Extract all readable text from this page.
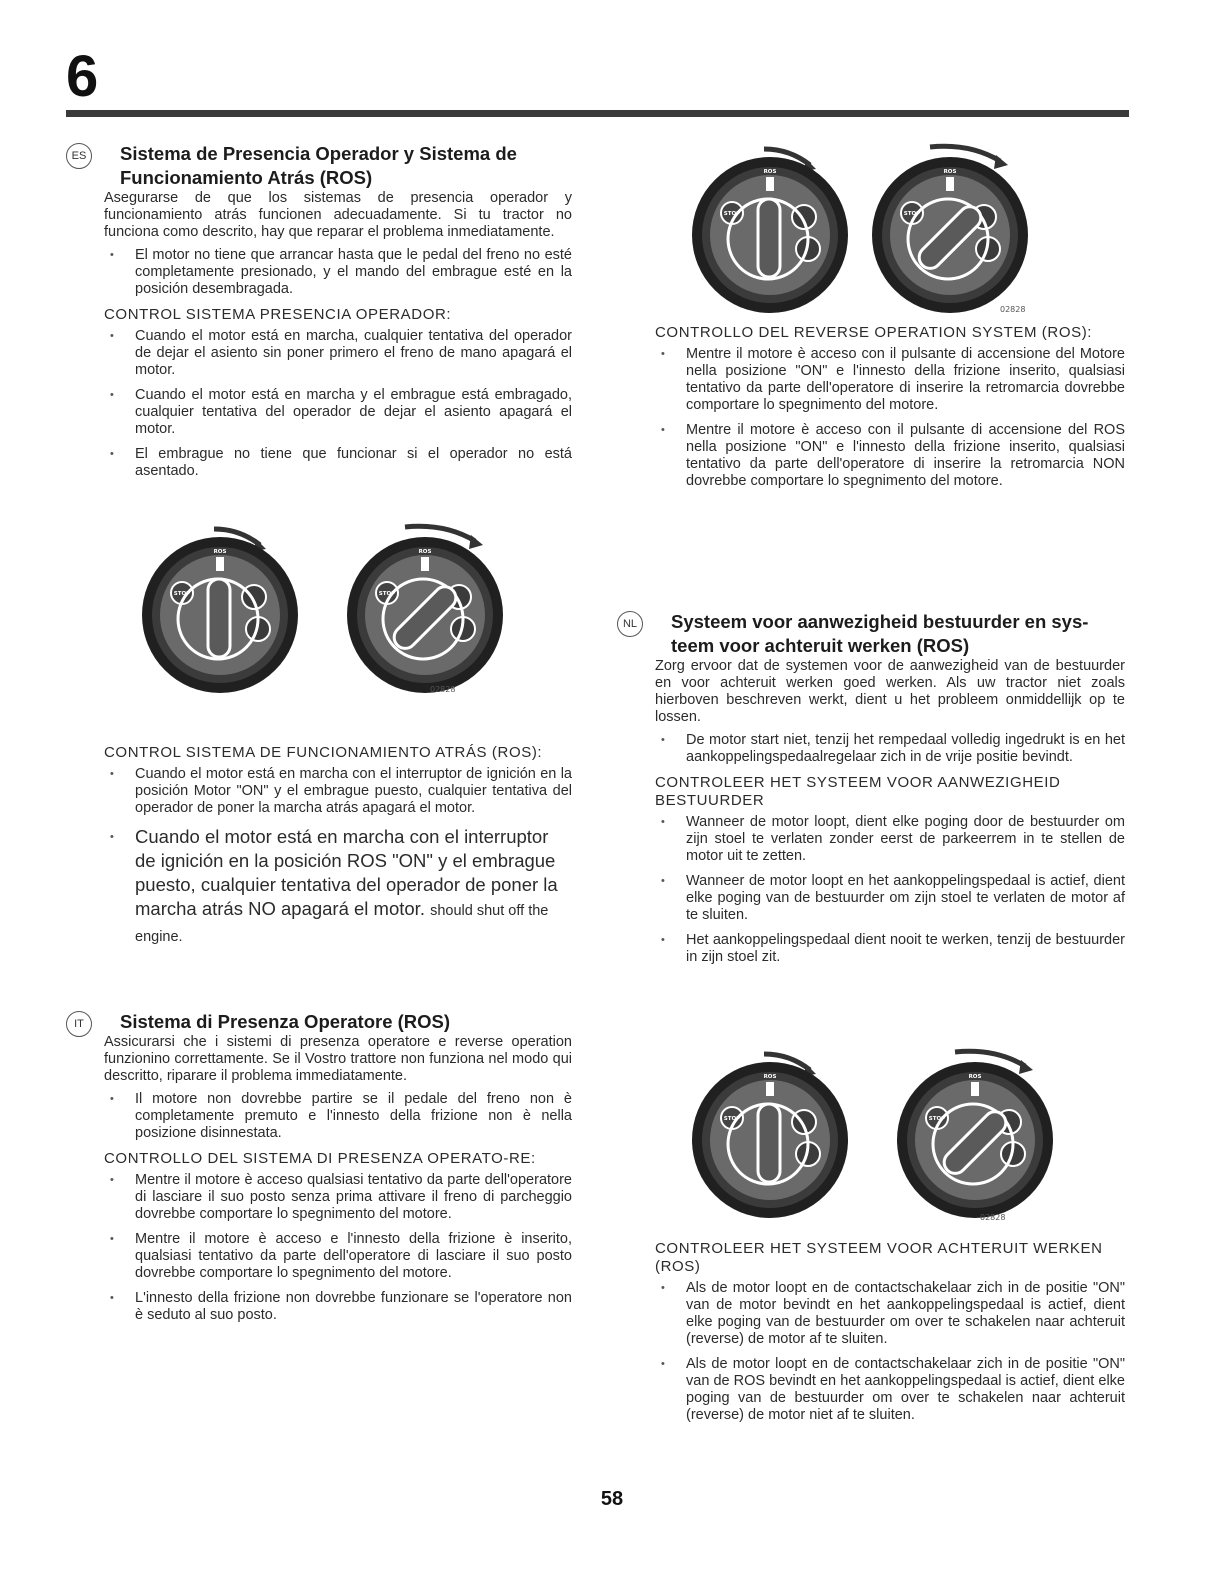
6
ES	Sistema de Presencia Operador y Sistema de
Funcionamiento Atrás (ROS)

Asegurarse de que los sistemas de presencia operador y funcionamiento atrás funcionen adecuadamente. Si tu tractor no funciona como descrito, hay que reparar el problema inmediatamente.

• El motor no tiene que arrancar hasta que le pedal del freno no esté completamente presionado, y el mando del embrague esté en la posición desembragada.

CONTROL SISTEMA PRESENCIA OPERADOR:

• Cuando el motor está en marcha, cualquier tentativa del operador de dejar el asiento sin poner primero el freno de mano apagará el motor.
• Cuando el motor está en marcha y el embrague está embragado, cualquier tentativa del operador de dejar el asiento apagará el motor.
• El embrague no tiene que funcionar si el operador no está asentado.

CONTROL SISTEMA DE FUNCIONAMIENTO ATRÁS (ROS):

• Cuando el motor está en marcha con el interruptor de ignición en la posición Motor "ON" y el embrague puesto, cualquier tentativa del operador de poner la marcha atrás apagará el motor.
• Cuando el motor está en marcha con el interruptor de ignición en la posición ROS "ON" y el embrague puesto, cualquier tentativa del operador de poner la marcha atrás NO apagará el motor. should shut off the engine.
IT	Sistema di Presenza Operatore (ROS)

Assicurarsi che i sistemi di presenza operatore e reverse operation funzionino correttamente. Se il Vostro trattore non funziona nel modo qui descritto, riparare il problema immediatamente.

• Il motore non dovrebbe partire se il pedale del freno non è completamente premuto e l'innesto della frizione non è nella posizione disinnestata.

CONTROLLO DEL SISTEMA DI PRESENZA OPERATO-RE:

• Mentre il motore è acceso qualsiasi tentativo da parte dell'operatore di lasciare il suo posto senza prima attivare il freno di parcheggio dovrebbe comportare lo spegnimento del motore.
• Mentre il motore è acceso e l'innesto della frizione è inserito, qualsiasi tentativo da parte dell'operatore di lasciare il suo posto dovrebbe comportare lo spegnimento del motore.
• L'innesto della frizione non dovrebbe funzionare se l'operatore non è seduto al suo posto.

CONTROLLO DEL REVERSE OPERATION SYSTEM (ROS):

• Mentre il motore è acceso con il pulsante di accensione del Motore nella posizione "ON" e l'innesto della frizione inserito, qualsiasi tentativo da parte dell'operatore di inserire la retromarcia dovrebbe comportare lo spegnimento del motore.
• Mentre il motore è acceso con il pulsante di accensione del ROS nella posizione "ON" e l'innesto della frizione inserito, qualsiasi tentativo da parte dell'operatore di inserire la retromarcia NON dovrebbe comportare lo spegnimento del motore.
NL	Systeem voor aanwezigheid bestuurder en sys-
teem voor achteruit werken (ROS)

Zorg ervoor dat de systemen voor de aanwezigheid van de bestuurder en voor achteruit werken goed werken. Als uw tractor niet zoals hierboven beschreven werkt, dient u het probleem onmiddellijk op te lossen.

• De motor start niet, tenzij het rempedaal volledig ingedrukt is en het aankoppelingspedaalregelaar zich in de vrije positie bevindt.

CONTROLEER HET SYSTEEM VOOR AANWEZIGHEID BESTUURDER

• Wanneer de motor loopt, dient elke poging door de bestuurder om zijn stoel te verlaten zonder eerst de parkeerrem in te stellen de motor uit te zetten.
• Wanneer de motor loopt en het aankoppelingspedaal is actief, dient elke poging van de bestuurder om zijn stoel te verlaten de motor af te sluiten.
• Het aankoppelingspedaal dient nooit te werken, tenzij de bestuurder in zijn stoel zit.

CONTROLEER HET SYSTEEM VOOR ACHTERUIT WERKEN (ROS)

• Als de motor loopt en de contactschakelaar zich in de positie "ON" van de motor bevindt en het aankoppelingspedaal is actief, dient elke poging van de bestuurder om over te schakelen naar achteruit (reverse) de motor af te sluiten.
• Als de motor loopt en de contactschakelaar zich in de positie "ON" van de ROS bevindt en het aankoppelingspedaal is actief, dient elke poging van de bestuurder om over te schakelen naar achteruit (reverse) de motor niet af te sluiten.
STOP
ROS
STOP
ROS
02828
STOP
ROS
STOP
ROS
02828
STOP
ROS
STOP
ROS
02828
58
